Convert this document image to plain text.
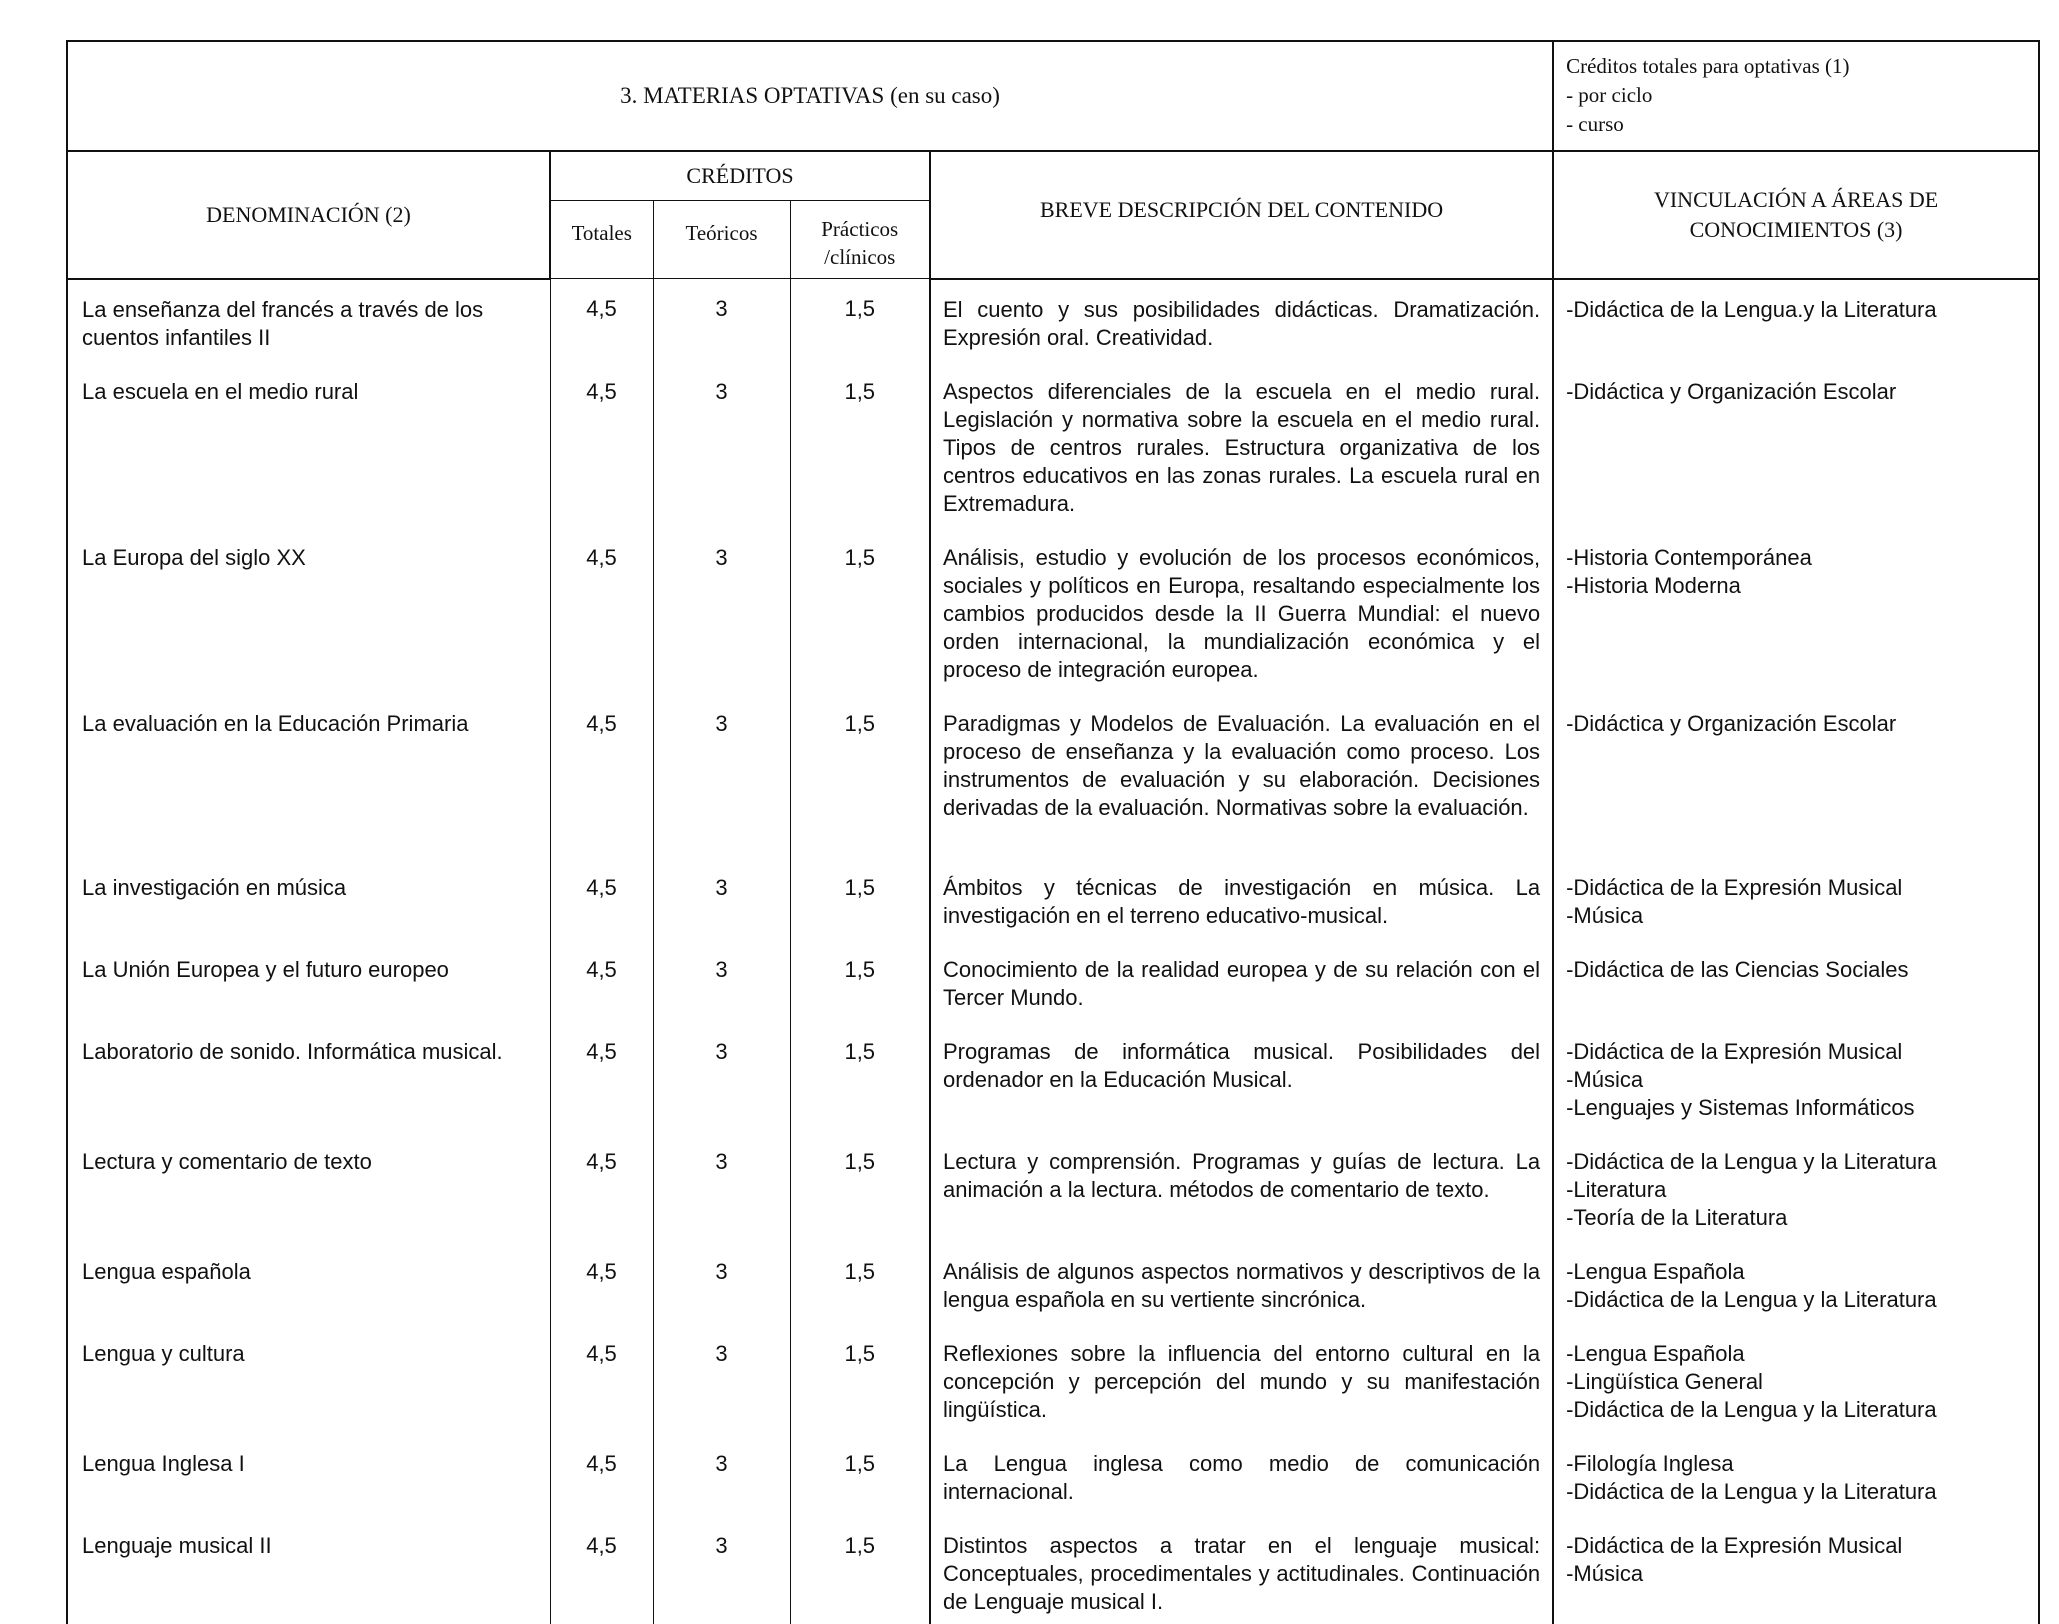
3. MATERIAS OPTATIVAS (en su caso)					Créditos totales para optativas (1)
- por ciclo
- curso

DENOMINACIÓN (2)	CRÉDITOS			BREVE DESCRIPCIÓN DEL CONTENIDO	VINCULACIÓN A ÁREAS DE
CONOCIMIENTOS (3)

	Totales	Teóricos	Prácticos
/clínicos		

La enseñanza del francés a través de los cuentos infantiles II	4,5	3	1,5	El cuento y sus posibilidades didácticas. Dramatización. Expresión oral. Creatividad.	-Didáctica de la Lengua.y la Literatura

La escuela en el medio rural	4,5	3	1,5	Aspectos diferenciales de la escuela en el medio rural. Legislación y normativa sobre la escuela en el medio rural. Tipos de centros rurales. Estructura organizativa de los centros educativos en las zonas rurales. La escuela rural en Extremadura.	-Didáctica y Organización Escolar

La Europa del siglo XX	4,5	3	1,5	Análisis, estudio y evolución de los procesos económicos, sociales y políticos en Europa, resaltando especialmente los cambios producidos desde la II Guerra Mundial: el nuevo orden internacional, la mundialización económica y el proceso de integración europea.	-Historia Contemporánea
-Historia Moderna

La evaluación en la Educación Primaria	4,5	3	1,5	Paradigmas y Modelos de Evaluación. La evaluación en el proceso de enseñanza y la evaluación como proceso. Los instrumentos de evaluación y su elaboración. Decisiones derivadas de la evaluación. Normativas sobre la evaluación.	-Didáctica y Organización Escolar

La investigación en música	4,5	3	1,5	Ámbitos y técnicas de investigación en música. La investigación en el terreno educativo-musical.	-Didáctica de la Expresión Musical
-Música

La Unión Europea y el futuro europeo	4,5	3	1,5	Conocimiento de la realidad europea y de su relación con el Tercer Mundo.	-Didáctica de las Ciencias Sociales

Laboratorio de sonido. Informática musical.	4,5	3	1,5	Programas de informática musical. Posibilidades del ordenador en la Educación Musical.	-Didáctica de la Expresión Musical
-Música
-Lenguajes y Sistemas Informáticos

Lectura y comentario de texto	4,5	3	1,5	Lectura y comprensión. Programas y guías de lectura. La animación a la lectura. métodos de comentario de texto.	-Didáctica de la Lengua y la Literatura
-Literatura
-Teoría de la Literatura

Lengua española	4,5	3	1,5	Análisis de algunos aspectos normativos y descriptivos de la lengua española en su vertiente sincrónica.	-Lengua Española
-Didáctica de la Lengua y la Literatura

Lengua y cultura	4,5	3	1,5	Reflexiones sobre la influencia del entorno cultural en la concepción y percepción del mundo y su manifestación lingüística.	-Lengua Española
-Lingüística General
-Didáctica de la Lengua y la Literatura

Lengua Inglesa I	4,5	3	1,5	La Lengua inglesa como medio de comunicación internacional.	-Filología Inglesa
-Didáctica de la Lengua y la Literatura

Lenguaje musical II	4,5	3	1,5	Distintos aspectos a tratar en el lenguaje musical: Conceptuales, procedimentales y actitudinales. Continuación de Lenguaje musical I.	-Didáctica de la Expresión Musical
-Música
